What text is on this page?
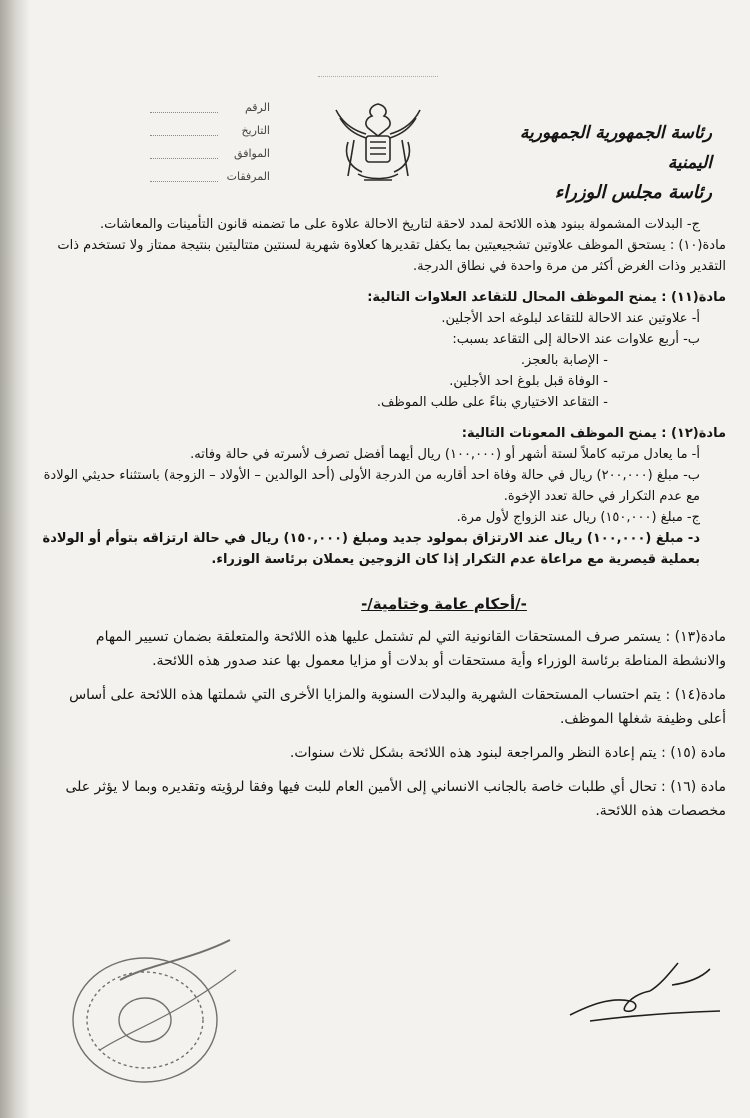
رئاسة الجمهورية الجمهورية اليمنية
رئاسة مجلس الوزراء
الرقم
التاريخ
الموافق
المرفقات

ج- البدلات المشمولة ببنود هذه اللائحة لمدد لاحقة لتاريخ الاحالة علاوة على ما تضمنه قانون التأمينات والمعاشات.

مادة(١٠) : يستحق الموظف علاوتين تشجيعيتين بما يكفل تقديرها كعلاوة شهرية لسنتين متتاليتين بنتيجة ممتاز ولا تستخدم ذات التقدير وذات الغرض أكثر من مرة واحدة في نطاق الدرجة.

مادة(١١) : يمنح الموظف المحال للتقاعد العلاوات التالية:

أ- علاوتين عند الاحالة للتقاعد لبلوغه احد الأجلين.

ب- أربع علاوات عند الاحالة إلى التقاعد بسبب:

- الإصابة بالعجز.

- الوفاة قبل بلوغ احد الأجلين.

- التقاعد الاختياري بناءً على طلب الموظف.

مادة(١٢) : يمنح الموظف المعونات التالية:

أ- ما يعادل مرتبه كاملاً لستة أشهر أو (١٠٠,٠٠٠) ريال أيهما أفضل تصرف لأسرته في حالة وفاته.

ب- مبلغ (٢٠٠,٠٠٠) ريال في حالة وفاة احد أقاربه من الدرجة الأولى (أحد الوالدين – الأولاد – الزوجة) باستثناء حديثي الولادة مع عدم التكرار في حالة تعدد الإخوة.

ج- مبلغ (١٥٠,٠٠٠) ريال عند الزواج لأول مرة.

د- مبلغ (١٠٠,٠٠٠) ريال عند الارتزاق بمولود جديد ومبلغ (١٥٠,٠٠٠) ريال في حالة ارتزاقه بتوأم أو الولادة بعملية قيصرية مع مراعاة عدم التكرار إذا كان الزوجين يعملان برئاسة الوزراء.

-/أحكام عامة وختامية/-

مادة(١٣) : يستمر صرف المستحقات القانونية التي لم تشتمل عليها هذه اللائحة والمتعلقة بضمان تسيير المهام والانشطة المناطة برئاسة الوزراء وأية مستحقات أو بدلات أو مزايا معمول بها عند صدور هذه اللائحة.

مادة(١٤) : يتم احتساب المستحقات الشهرية والبدلات السنوية والمزايا الأخرى التي شملتها هذه اللائحة على أساس أعلى وظيفة شغلها الموظف.

مادة (١٥) : يتم إعادة النظر والمراجعة لبنود هذه اللائحة بشكل ثلاث سنوات.

مادة (١٦) : تحال أي طلبات خاصة بالجانب الانساني إلى الأمين العام للبت فيها وفقا لرؤيته وتقديره وبما لا يؤثر على مخصصات هذه اللائحة.
